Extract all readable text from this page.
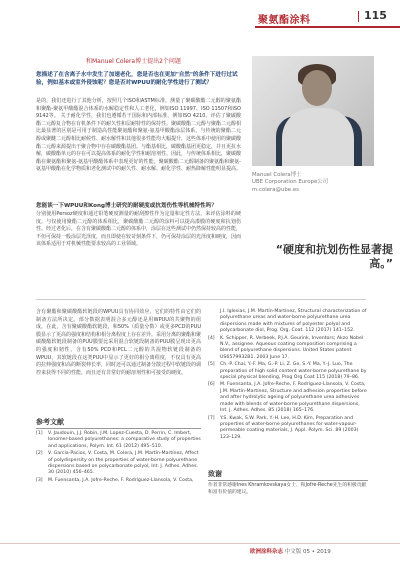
聚氨酯涂料	115
和Manuel Colera博士提出2个问题
您描述了在含离子水中发生了加速老化，您是否也在更加"自然"的条件下进行过试验，例如基本或室外侵蚀呢？您是否对WPUU的耐化学性进行了测试？
是的，我们还进行了其他分析，按照几个ISO和ASTM标准，测量了聚碳酸酯二元醇的聚氨酯和聚酯-聚氨甲酸酯混合体系的水解稳定性和人工老化，例如ISO 11997、ISO 11507和ISO 9142等。 关于耐化学性，我们也遵循若干国际和内部标准，例如ISO 4210。评估了聚碳酸酯二元醇复合物在有机条件下的耐久性和层耐特性的保持性。聚碳酸酯二元醇与聚酯二元醇相比最显著的区别是可用于制造高性能聚氨酯和聚氨-氨基甲酸酯涂层体系，与传统的聚酯二元醇或聚醚二元醇相比耐候性、耐水解性和其他很多性能均大幅提升，这些体系中使用的聚碳酸酯二元醇来源提出于聚合物中存在碳酸酯基团。与酯基相比，碳酸酯基团更稳定，并且更抗水解，碳酸酯单元的存在可以提高体系的耐化学性和耐溶剂性。因此，与传统体系相比，聚碳酸酯在聚氨酯和聚氨-氨基甲酸酯体系中表现更好的性能。聚碳酸酯二元醇制备的聚氨酯和聚氨-氨基甲酸酯在化学物质和老化测试中的耐久性、耐水解、耐化学性、耐热降解性能明显提高。
您能谈一下WPUU和Kong博士研究的耐硬度或抗划伤性等机械特性吗？
分别使用Persoz硬度和通过铅笔硬度测量的耐刮擦性作为定量和定性方法，来评估涂料的硬度。与仅使用聚酯二元醇的体系相比，聚碳酸酯二元醇的涂料可以提高漆膜的硬度和抗划伤性。经过老化后，在含有聚碳酸酯二元醇的体系中，涂层在这些测试中仍然保持较高的性能，不但可保持一般涂层光泽度，而且即使在较苛刻条件下，仍可保持涂层的光泽度和硬度，因而该体系适用于对机械性能要求较高的工业领域。
Manuel Colera博士
UBE Corporation Europe公司
m.colera@ube.es
“硬度和抗划伤性显著提高。”
含有聚酯和聚碳酸酯软链段的WPUU具有协同效应，它们的特性由它们的制备方法所决定。部分数据表明混合多元醇还是用WPUU的共聚物的组成。在此，含有聚碳酸酯软链段，和50%（质量分数）或更多PCD的PUU膜显示了更高的强度和结构和相分离程度上存在差异。采用分离的聚酯和聚碳酸酯软链段制备的PUU膜要比采用混合软链段制备的PUU膜呈现出更高的强度和韧性，含有50% PCD和PCL二元醇的共混物软链段制备的WPUU，其软链段在这类PUU中显示了更好的相分离程度，不仅具有更高的拉伸强度和高的断裂伸长率，同时还可以通过制备分散过程中软链段的调控来获得不同的性能，而且还有非常好的耐溶剂性和可接受的硬度。
参考文献
[1]	V. Jaudouin, J.J. Robin, J.M. Lopez-Cuesta, D. Perrin, C. Imbert, Ionomer-based polyurethanes: a comparative study of properties and applications, Polym. Int. 61 (2012) 495–510.
[2]	V. García-Pacios, V. Costa, M. Colera, J.M. Martín-Martínez, Affect of polydispersity on the properties of water-borne polyurethane dispersions based on polycarbonate polyol, Int. J. Adhes. Adhes. 30 (2010) 456–465.
[3]	M. Fuensanta, J.A. Jofre-Reche, F. Rodríguez-Llansola, V. Costa,
J.I. Iglesias, J.M. Martín-Martínez, Structural characterization of polyurethane ureas and water-borne polyurethane urea dispersions made with mixtures of polyester polyol and polycarbonate diol, Prog. Org. Coat. 112 (2017) 141–152.
[4]	K. Schipper, R. Verbeek, P.J.A. Geurink, Inventors; Akzo Nobel N.V., assignee. Aqueous coating composition comprising a blend of polyurethane dispersions. United States patent US6579932B1. 2003 June 17.
[5]	Ch.-P. Chai, Y.-F. Ma, G.-P. Li, Z. Ge, S.-Y. Ma, Y.-J. Luo, The preparation of high solid content water-borne polyurethane by special physical blending, Prog Org Coat 115 (2018) 79–86.
[6]	M. Fuensanta, J.A. Jofre-Reche, F. Rodríguez-Llansola, V. Costa, J.M. Martín-Martínez, Structure and adhesion properties before and after hydrolytic ageing of polyurethane urea adhesives made with blends of water-borne polyurethane dispersions, Int. J. Adhes. Adhes. 85 (2018) 165–176.
[7]	Y.S. Kwak, S.W. Park, Y.-H. Lee, H.D. Kim, Preparation and properties of water-borne polyurethanes for water-vapour-permeable coating materials, J. Appl. Polym. Sci. 89 (2003) 123–129.
致谢
作者非常感谢Ines Khramkovskaya女士、和Jofre-Reche先生的积极贡献和富有价值的建议。
欧洲涂料杂志 中文版 05 • 2019
